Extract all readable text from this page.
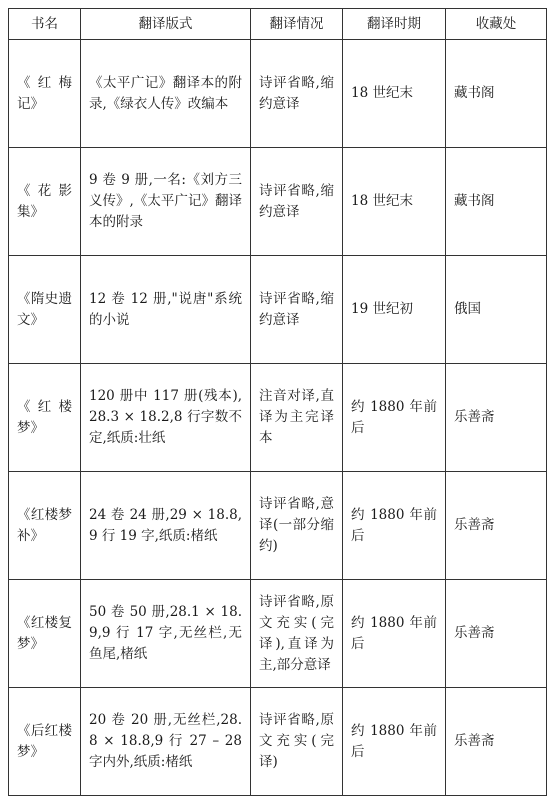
书名	翻译版式	翻译情况	翻译时期	收藏处

《红梅记》	《太平广记》翻译本的附录,《绿衣人传》改编本	诗评省略,缩约意译	18 世纪末	藏书阁

《花影集》	9 卷 9 册,一名:《刘方三义传》,《太平广记》翻译本的附录	诗评省略,缩约意译	18 世纪末	藏书阁

《隋史遗文》	12 卷 12 册,"说唐"系统的小说	诗评省略,缩约意译	19 世纪初	俄国

《红楼梦》	120 册中 117 册(残本),28.3 × 18.2,8 行字数不定,纸质:壮纸	注音对译,直译为主完译本	约 1880 年前后	乐善斋

《红楼梦补》	24 卷 24 册,29 × 18.8,9 行 19 字,纸质:楮纸	诗评省略,意译(一部分缩约)	约 1880 年前后	乐善斋

《红楼复梦》	50 卷 50 册,28.1 × 18.9,9 行 17 字,无丝栏,无鱼尾,楮纸	诗评省略,原文充实(完译),直译为主,部分意译	约 1880 年前后	乐善斋

《后红楼梦》	20 卷 20 册,无丝栏,28.8 × 18.8,9 行 27 – 28 字内外,纸质:楮纸	诗评省略,原文充实(完译)	约 1880 年前后	乐善斋
